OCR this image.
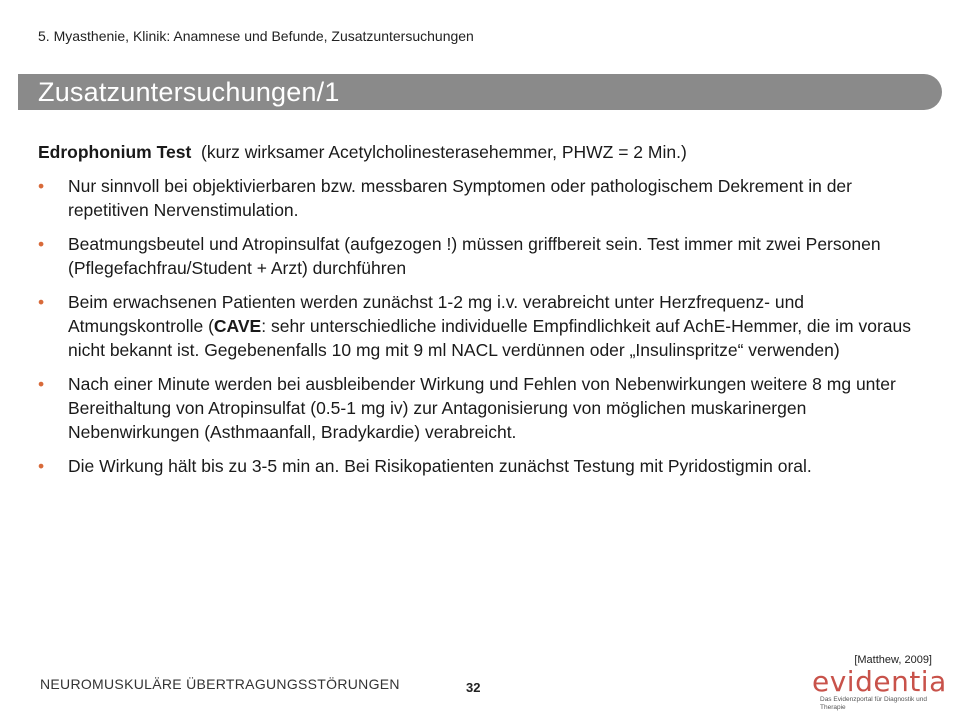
5. Myasthenie, Klinik: Anamnese und Befunde, Zusatzuntersuchungen
Zusatzuntersuchungen/1

Edrophonium Test (kurz wirksamer Acetylcholinesterasehemmer, PHWZ = 2 Min.)

• Nur sinnvoll bei objektivierbaren bzw. messbaren Symptomen oder pathologischem Dekrement in der repetitiven Nervenstimulation.
• Beatmungsbeutel und Atropinsulfat (aufgezogen !) müssen griffbereit sein. Test immer mit zwei Personen (Pflegefachfrau/Student + Arzt) durchführen
• Beim erwachsenen Patienten werden zunächst 1-2 mg i.v. verabreicht unter Herzfrequenz- und Atmungskontrolle (CAVE: sehr unterschiedliche individuelle Empfindlichkeit auf AchE-Hemmer, die im voraus nicht bekannt ist. Gegebenenfalls 10 mg mit 9 ml NACL verdünnen oder „Insulinspritze“ verwenden)
• Nach einer Minute werden bei ausbleibender Wirkung und Fehlen von Nebenwirkungen weitere 8 mg unter Bereithaltung von Atropinsulfat (0.5-1 mg iv) zur Antagonisierung von möglichen muskarinergen Nebenwirkungen (Asthmaanfall, Bradykardie) verabreicht.
• Die Wirkung hält bis zu 3-5 min an. Bei Risikopatienten zunächst Testung mit Pyridostigmin oral.
[Matthew, 2009]
NEUROMUSKULÄRE ÜBERTRAGUNGSSTÖRUNGEN	32	evidentia
Das Evidenzportal für Diagnostik und Therapie
